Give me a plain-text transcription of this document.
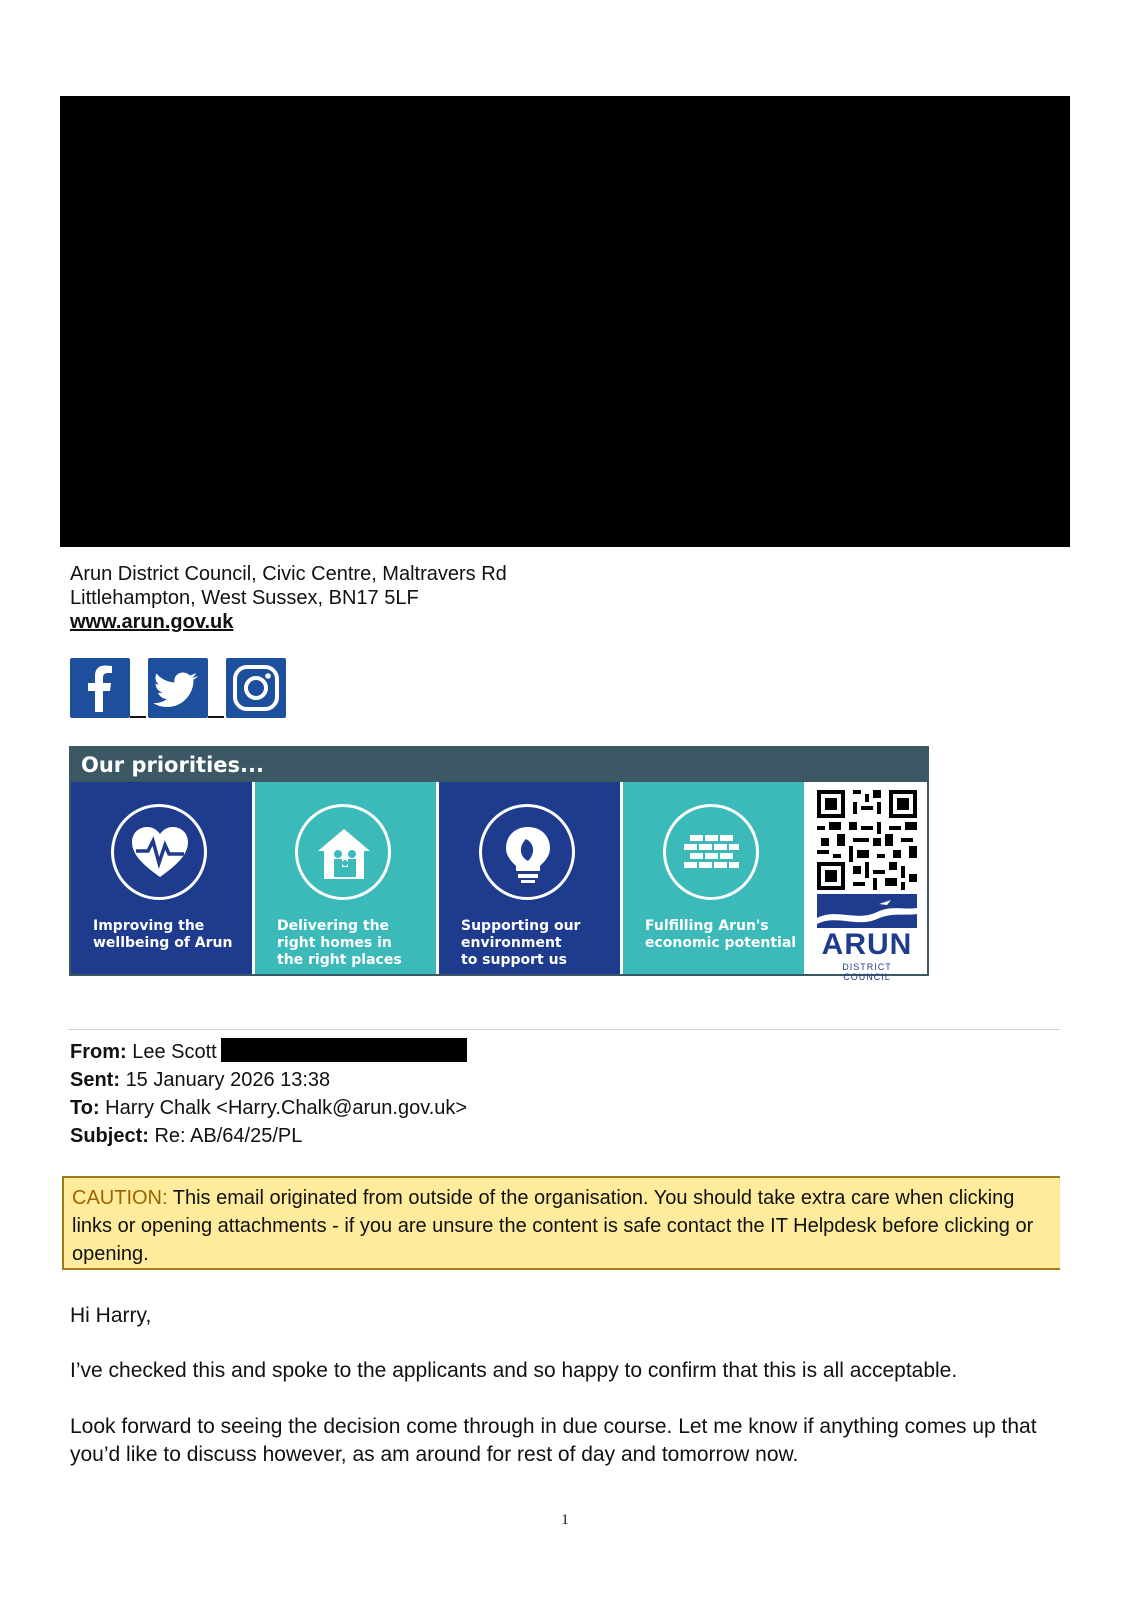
Arun District Council, Civic Centre, Maltravers Rd
Littlehampton, West Sussex, BN17 5LF
www.arun.gov.uk
Our priorities...
Improving the
wellbeing of Arun
Delivering the
right homes in
the right places
Supporting our
environment
to support us
Fulfilling Arun's
economic potential ARUN
DISTRICT COUNCIL
From: Lee Scott
Sent: 15 January 2026 13:38
To: Harry Chalk <Harry.Chalk@arun.gov.uk>
Subject: Re: AB/64/25/PL
CAUTION: This email originated from outside of the organisation. You should take extra care when clicking links or opening attachments - if you are unsure the content is safe contact the IT Helpdesk before clicking or opening.
Hi Harry,
I’ve checked this and spoke to the applicants and so happy to confirm that this is all acceptable.
Look forward to seeing the decision come through in due course. Let me know if anything comes up that you’d like to discuss however, as am around for rest of day and tomorrow now.
1
